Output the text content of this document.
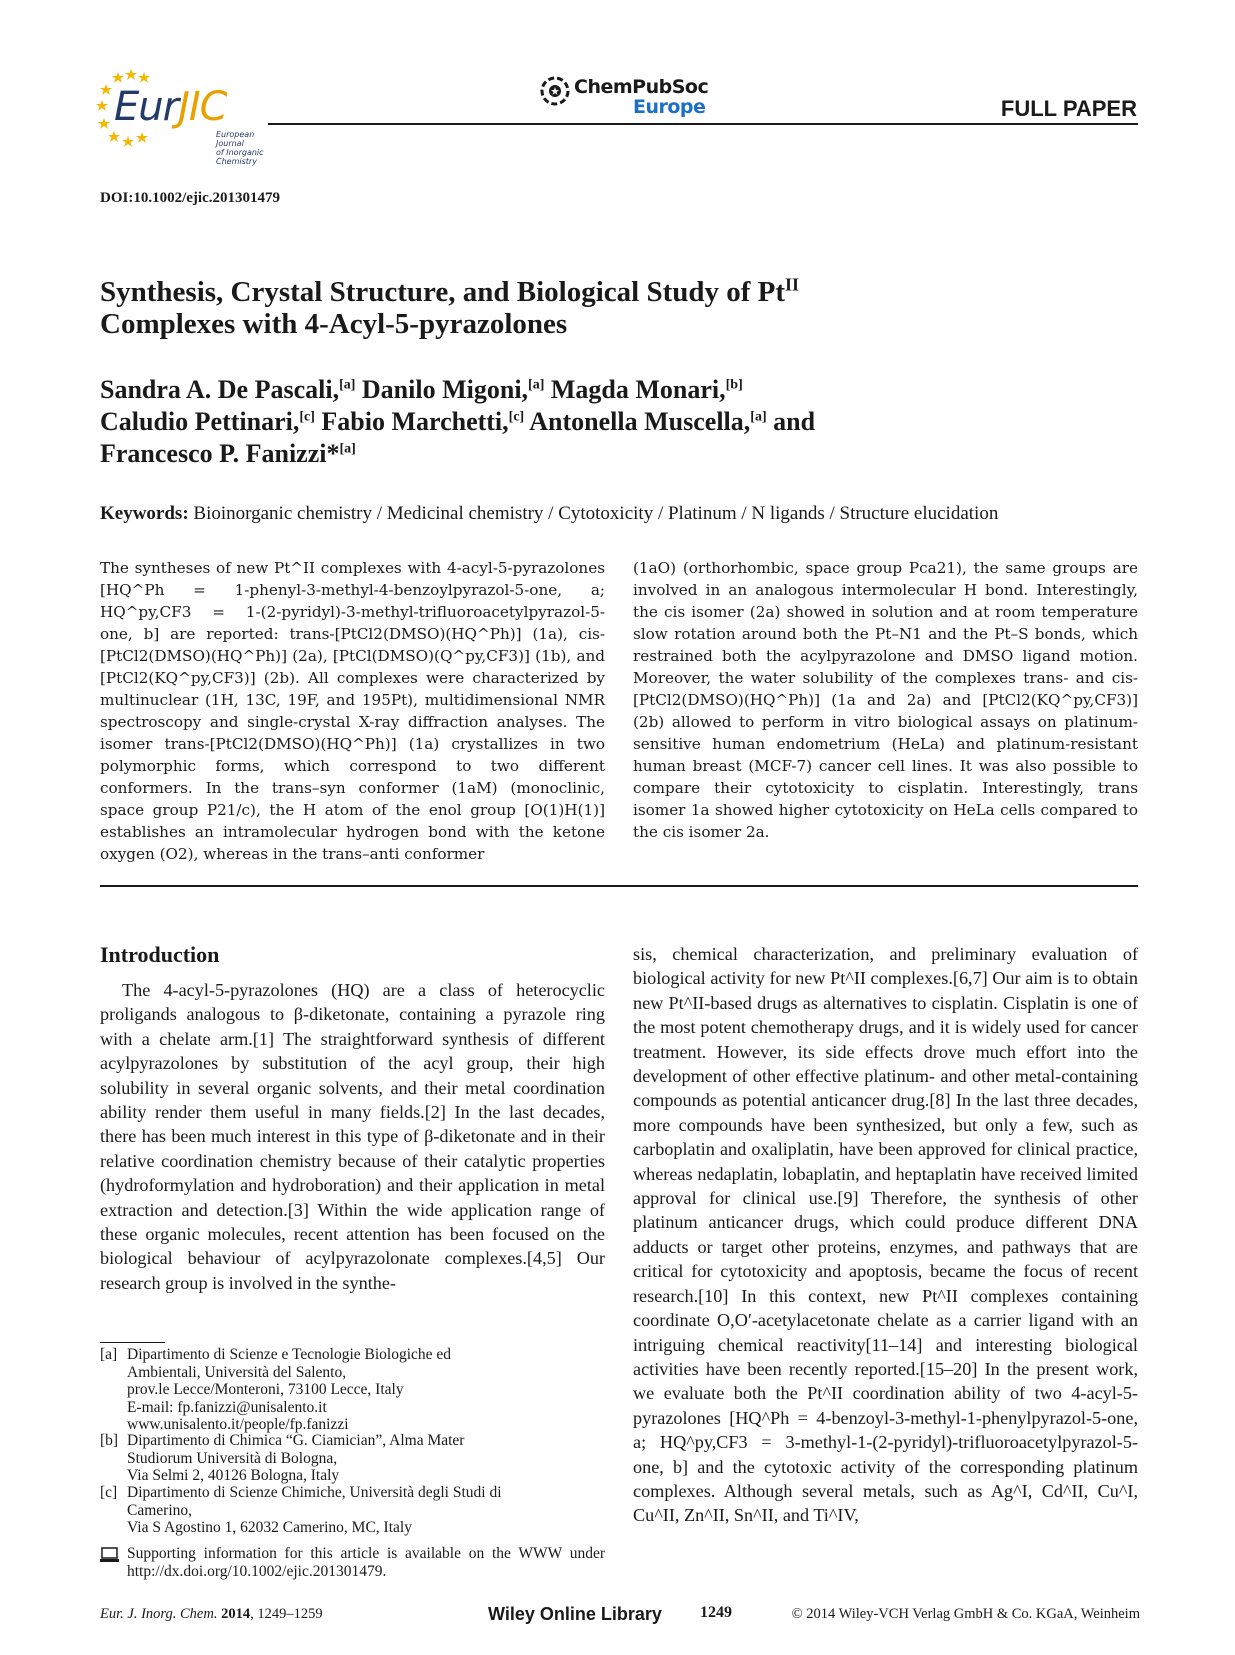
EurJIC
European Journal
of Inorganic Chemistry
ChemPubSoc
Europe	FULL PAPER
DOI:10.1002/ejic.201301479
Synthesis, Crystal Structure, and Biological Study of $Pt^{II}$
Complexes with 4-Acyl-5-pyrazolones
Sandra A. De Pascali,[a] Danilo Migoni,[a] Magda Monari,[b]
Caludio Pettinari,[c] Fabio Marchetti,[c] Antonella Muscella,[a] and
Francesco P. Fanizzi*[a]
Keywords: Bioinorganic chemistry / Medicinal chemistry / Cytotoxicity / Platinum / N ligands / Structure elucidation
The syntheses of new Pt^II complexes with 4-acyl-5-pyrazolones [HQ^Ph = 1-phenyl-3-methyl-4-benzoylpyrazol-5-one, a; HQ^py,CF3 = 1-(2-pyridyl)-3-methyl-trifluoroacetylpyrazol-5-one, b] are reported: trans-[PtCl2(DMSO)(HQ^Ph)] (1a), cis-[PtCl2(DMSO)(HQ^Ph)] (2a), [PtCl(DMSO)(Q^py,CF3)] (1b), and [PtCl2(KQ^py,CF3)] (2b). All complexes were characterized by multinuclear (1H, 13C, 19F, and 195Pt), multidimensional NMR spectroscopy and single-crystal X-ray diffraction analyses. The isomer trans-[PtCl2(DMSO)(HQ^Ph)] (1a) crystallizes in two polymorphic forms, which correspond to two different conformers. In the trans–syn conformer (1aM) (monoclinic, space group P21/c), the H atom of the enol group [O(1)H(1)] establishes an intramolecular hydrogen bond with the ketone oxygen (O2), whereas in the trans–anti conformer
(1aO) (orthorhombic, space group Pca21), the same groups are involved in an analogous intermolecular H bond. Interestingly, the cis isomer (2a) showed in solution and at room temperature slow rotation around both the Pt–N1 and the Pt–S bonds, which restrained both the acylpyrazolone and DMSO ligand motion. Moreover, the water solubility of the complexes trans- and cis-[PtCl2(DMSO)(HQ^Ph)] (1a and 2a) and [PtCl2(KQ^py,CF3)] (2b) allowed to perform in vitro biological assays on platinum-sensitive human endometrium (HeLa) and platinum-resistant human breast (MCF-7) cancer cell lines. It was also possible to compare their cytotoxicity to cisplatin. Interestingly, trans isomer 1a showed higher cytotoxicity on HeLa cells compared to the cis isomer 2a.
Introduction
The 4-acyl-5-pyrazolones (HQ) are a class of heterocyclic proligands analogous to β-diketonate, containing a pyrazole ring with a chelate arm.[1] The straightforward synthesis of different acylpyrazolones by substitution of the acyl group, their high solubility in several organic solvents, and their metal coordination ability render them useful in many fields.[2] In the last decades, there has been much interest in this type of β-diketonate and in their relative coordination chemistry because of their catalytic properties (hydroformylation and hydroboration) and their application in metal extraction and detection.[3] Within the wide application range of these organic molecules, recent attention has been focused on the biological behaviour of acylpyrazolonate complexes.[4,5] Our research group is involved in the synthe-
sis, chemical characterization, and preliminary evaluation of biological activity for new Pt^II complexes.[6,7] Our aim is to obtain new Pt^II-based drugs as alternatives to cisplatin. Cisplatin is one of the most potent chemotherapy drugs, and it is widely used for cancer treatment. However, its side effects drove much effort into the development of other effective platinum- and other metal-containing compounds as potential anticancer drug.[8] In the last three decades, more compounds have been synthesized, but only a few, such as carboplatin and oxaliplatin, have been approved for clinical practice, whereas nedaplatin, lobaplatin, and heptaplatin have received limited approval for clinical use.[9] Therefore, the synthesis of other platinum anticancer drugs, which could produce different DNA adducts or target other proteins, enzymes, and pathways that are critical for cytotoxicity and apoptosis, became the focus of recent research.[10] In this context, new Pt^II complexes containing coordinate O,O′-acetylacetonate chelate as a carrier ligand with an intriguing chemical reactivity[11–14] and interesting biological activities have been recently reported.[15–20] In the present work, we evaluate both the Pt^II coordination ability of two 4-acyl-5-pyrazolones [HQ^Ph = 4-benzoyl-3-methyl-1-phenylpyrazol-5-one, a; HQ^py,CF3 = 3-methyl-1-(2-pyridyl)-trifluoroacetylpyrazol-5-one, b] and the cytotoxic activity of the corresponding platinum complexes. Although several metals, such as Ag^I, Cd^II, Cu^I, Cu^II, Zn^II, Sn^II, and Ti^IV,
[a] Dipartimento di Scienze e Tecnologie Biologiche ed
Ambientali, Università del Salento,
prov.le Lecce/Monteroni, 73100 Lecce, Italy
E-mail: fp.fanizzi@unisalento.it
www.unisalento.it/people/fp.fanizzi
[b] Dipartimento di Chimica “G. Ciamician”, Alma Mater
Studiorum Università di Bologna,
Via Selmi 2, 40126 Bologna, Italy
[c] Dipartimento di Scienze Chimiche, Università degli Studi di
Camerino,
Via S Agostino 1, 62032 Camerino, MC, Italy
Supporting information for this article is available on the WWW under http://dx.doi.org/10.1002/ejic.201301479.
Eur. J. Inorg. Chem. 2014, 1249–1259	Wiley Online Library 1249	© 2014 Wiley-VCH Verlag GmbH & Co. KGaA, Weinheim
